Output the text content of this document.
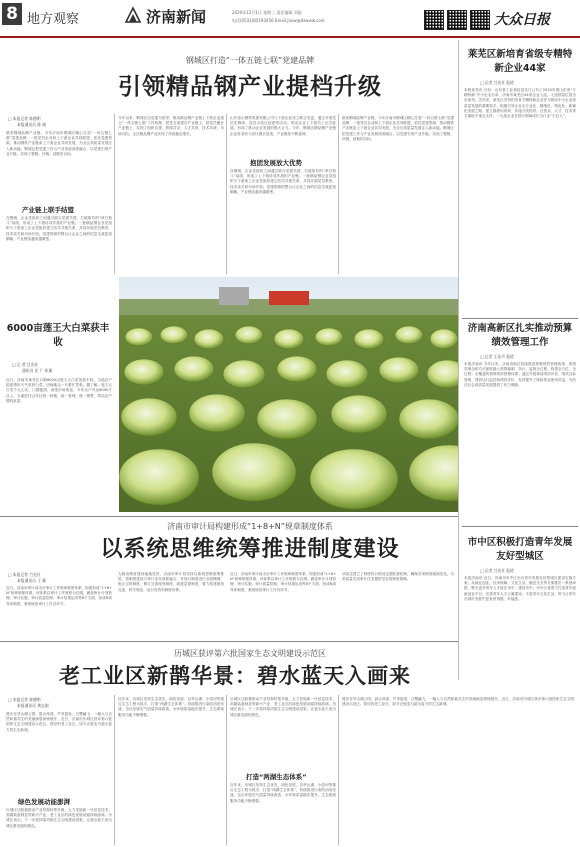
8 地方观察	济南新闻	2020年12月1日 星期二 责任编辑 刘丽
电话(0531)85193456 Email:jnxw@dzwww.com	大众日报
钢城区打造“一体五链七联”党建品牌
引领精品钢产业提档升级
□ 本报记者 陈德明
本报通讯员 陈 刚
联美钢城品牌产业链，今年济南市钢城区精心打造“一体五链七联”党建品牌，一批党员企业和上下游企业共同联盟，依托党建资源，推动钢铁产业链条上下游企业共同发展，为全区高质量发展注入新动能。钢城区把党建工作与产业发展深度融合，以党建引领产业升级，实现了强链、补链、延链的目标。
产业链上联手结盟
在钢城，企业党组织之间通过联合党建共建，打破原有的“单打独斗”局面，形成了上下游协同作战的产业链。一批精品钢企业党组织与下游加工企业党组织建立结对共建关系，共同开展党员教育、技术攻关和市场开拓。党建资源的整合让企业之间的信息交流更加顺畅，产业链条越来越紧密。
今年以来，钢城区以党建为纽带，推动精品钢产业链上下游企业建立“一体五链七联”工作机制，把党支部建在产业链上，把党员聚在产业链上，实现了组织共建、资源共享、人才共育、技术共研、市场共拓。全区精品钢产业实现了持续稳定增长。
山东泰山钢铁集团有限公司与下游企业成立联合党委，通过开展党员先锋岗、党员示范区创建等活动，带动企业上下游员工比学赶超，形成了推动企业发展的强大合力。今年，钢城区精品钢产业链企业营业收入同比增长显著，产业链条不断延伸。
抱团发展放大优势
在钢城，企业党组织之间通过联合党建共建，打破原有的“单打独斗”局面，形成了上下游协同作战的产业链。一批精品钢企业党组织与下游加工企业党组织建立结对共建关系，共同开展党员教育、技术攻关和市场开拓。党建资源的整合让企业之间的信息交流更加顺畅，产业链条越来越紧密。
联美钢城品牌产业链，今年济南市钢城区精心打造“一体五链七联”党建品牌，一批党员企业和上下游企业共同联盟，依托党建资源，推动钢铁产业链条上下游企业共同发展，为全区高质量发展注入新动能。钢城区把党建工作与产业发展深度融合，以党建引领产业升级，实现了强链、补链、延链的目标。
6000亩莲王大白菜获丰收
□ 记 者 吕光社
通讯员 任 广 张瑾
近日，济南市莱芜区口镇6000亩莲王大白菜喜获丰收。当地农户抢抓晴好天气收获白菜，田间地头一片繁忙景象。据了解，莲王大白菜个大心实、口感脆甜，深受市场欢迎，今年亩产可达8000斤以上。当地依托合作社统一种植、统一管理、统一销售，带动农户增收致富。
济南市审计局构建形成“1+8+N”规章制度体系
以系统思维统筹推进制度建设
□ 本报记者 吕光社
本报通讯员 王 颖
近日，济南市审计局出台审计工作规章制度体系，构建形成“1+8+N”规章制度体系。该体系以审计工作规程为总纲，涵盖审计计划管理、审计实施、审计质量控制、审计结果运用等8个方面，形成N项具体制度，系统规范审计工作各环节。
为推动制度建设落地见效，济南市审计局坚持以系统思维统筹推进，将制度建设与审计业务深度融合，对现行制度进行全面梳理，废止过时制度，修订完善现有制度，新建急需制度，着力构建系统完备、科学规范、运行有效的制度体系。
近日，济南市审计局出台审计工作规章制度体系，构建形成“1+8+N”规章制度体系。该体系以审计工作规程为总纲，涵盖审计计划管理、审计实施、审计质量控制、审计结果运用等8个方面，形成N项具体制度，系统规范审计工作各环节。
该局还建立了制度执行情况定期检查机制，确保各项制度落到实处，为高质量完成审计任务提供坚实的制度保障。
历城区获评第六批国家生态文明建设示范区
老工业区新鹊华景：碧水蓝天入画来
□ 本报记者 陈德明
本报通讯员 黄志刚
漫步在华山湖公园，碧水荡漾、芦苇摇曳，白鹭翩飞，一幅人与自然和谐共生的美丽画卷徐徐展开。近日，济南市历城区获评第六批国家生态文明建设示范区。曾经的老工业区，如今正蜕变为碧水蓝天的生态新城。
绿色发展动能澎湃
历城区还积极推动产业结构转型升级，大力发展新一代信息技术、高端装备制造等新兴产业，老工业区的绿色发展动能持续澎湃。历城区表示，下一步将持续巩固生态文明建设成果，让碧水蓝天成为城区最亮丽的底色。
近年来，历城区坚持生态优先、绿色发展，以华山湖、小清河等重点生态工程为抓手，打造“两湖生态体系”，持续推进污染防治攻坚战，全区环境空气质量持续改善，水环境质量稳步提升，生态系统服务功能不断增强。
历城区还积极推动产业结构转型升级，大力发展新一代信息技术、高端装备制造等新兴产业，老工业区的绿色发展动能持续澎湃。历城区表示，下一步将持续巩固生态文明建设成果，让碧水蓝天成为城区最亮丽的底色。
打造“两湖生态体系”
近年来，历城区坚持生态优先、绿色发展，以华山湖、小清河等重点生态工程为抓手，打造“两湖生态体系”，持续推进污染防治攻坚战，全区环境空气质量持续改善，水环境质量稳步提升，生态系统服务功能不断增强。
漫步在华山湖公园，碧水荡漾、芦苇摇曳，白鹭翩飞，一幅人与自然和谐共生的美丽画卷徐徐展开。近日，济南市历城区获评第六批国家生态文明建设示范区。曾经的老工业区，如今正蜕变为碧水蓝天的生态新城。
莱芜区新培育省级专精特新企业44家
□ 记者 吕光社 报道
本报莱芜讯 日前，山东省工业和信息化厅公布了2020年度山东省“专精特新”中小企业名单，济南市莱芜区44家企业入选，入选数量位居全市前列。近年来，莱芜区坚持把培育专精特新企业作为推动中小企业高质量发展的重要抓手，积极引导企业走专业化、精细化、特色化、新颖化发展之路，建立梯度培育库，实施分类指导，在资金、人才、技术等方面给予重点支持，一大批企业在细分领域成长为行业“小巨人”。
济南高新区扎实推动预算绩效管理工作
□ 记者 王佳声 报道
本报济南讯 今年以来，济南高新区持续推进预算绩效管理改革，将绩效理念和方法深度融入预算编制、执行、监督全过程，构建全方位、全过程、全覆盖的预算绩效管理体系。通过开展事前绩效评估、绩效目标管理、绩效运行监控和绩效评价，有效提升了财政资金使用效益，为经济社会高质量发展提供了有力保障。
市中区积极打造青年发展友好型城区
□ 记者 吕光社 报道
本报济南讯 近日，济南市市中区出台青年发展友好型城区建设实施方案，从就业创业、住房保障、文化生活、婚恋交友等方面推出一系列举措，吸引更多青年人才留在市中、建设市中。市中区将着力打造青年创新创业平台，完善青年人才公寓建设，丰富青年文化生活，努力让青年在城市发展中更有获得感、幸福感。
